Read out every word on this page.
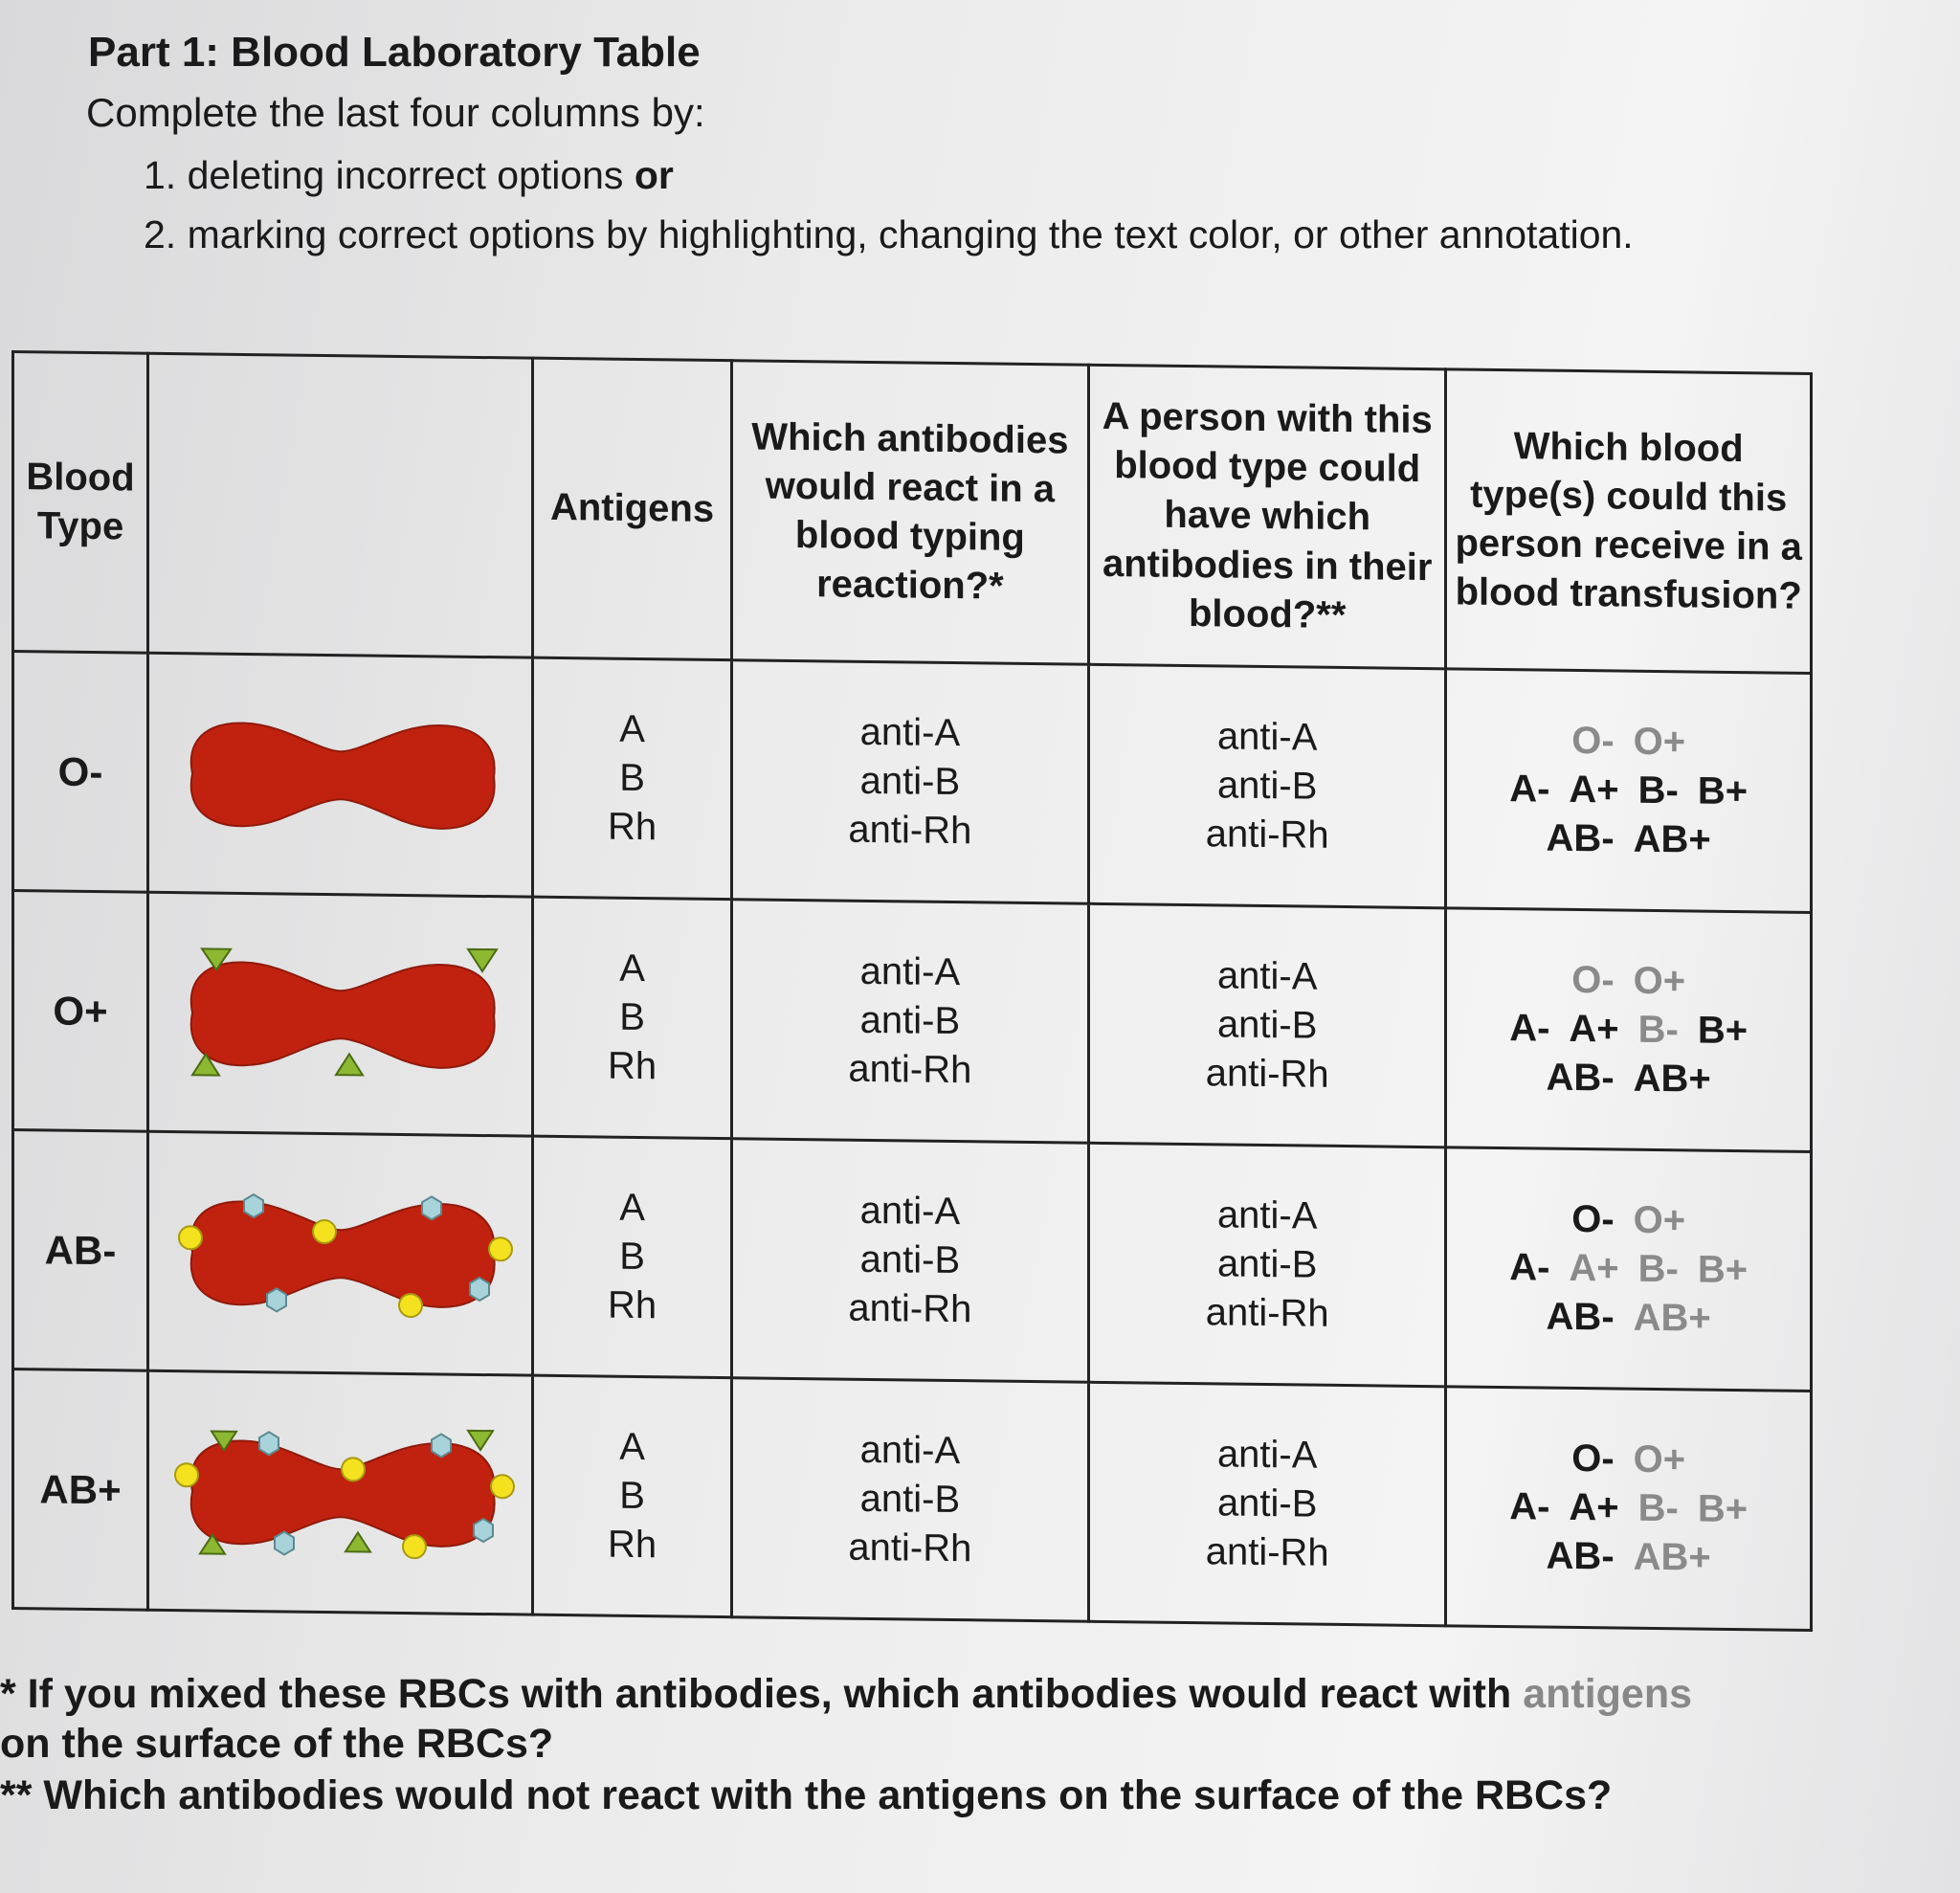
Part 1: Blood Laboratory Table
Complete the last four columns by:
1. deleting incorrect options or
2. marking correct options by highlighting, changing the text color, or other annotation.
Blood Type		Antigens	Which antibodies would react in a blood typing reaction?*	A person with this blood type could have which antibodies in their blood?**	Which blood type(s) could this person receive in a blood transfusion?
O-		A
B
Rh	anti-A
anti-B
anti-Rh	anti-A
anti-B
anti-Rh	O- O+
A- A+ B- B+
AB- AB+

O+		A
B
Rh	anti-A
anti-B
anti-Rh	anti-A
anti-B
anti-Rh	O- O+
A- A+ B- B+
AB- AB+

AB-		A
B
Rh	anti-A
anti-B
anti-Rh	anti-A
anti-B
anti-Rh	O- O+
A- A+ B- B+
AB- AB+

AB+		A
B
Rh	anti-A
anti-B
anti-Rh	anti-A
anti-B
anti-Rh	O- O+
A- A+ B- B+
AB- AB+
* If you mixed these RBCs with antibodies, which antibodies would react with antigens
on the surface of the RBCs?
** Which antibodies would not react with the antigens on the surface of the RBCs?
